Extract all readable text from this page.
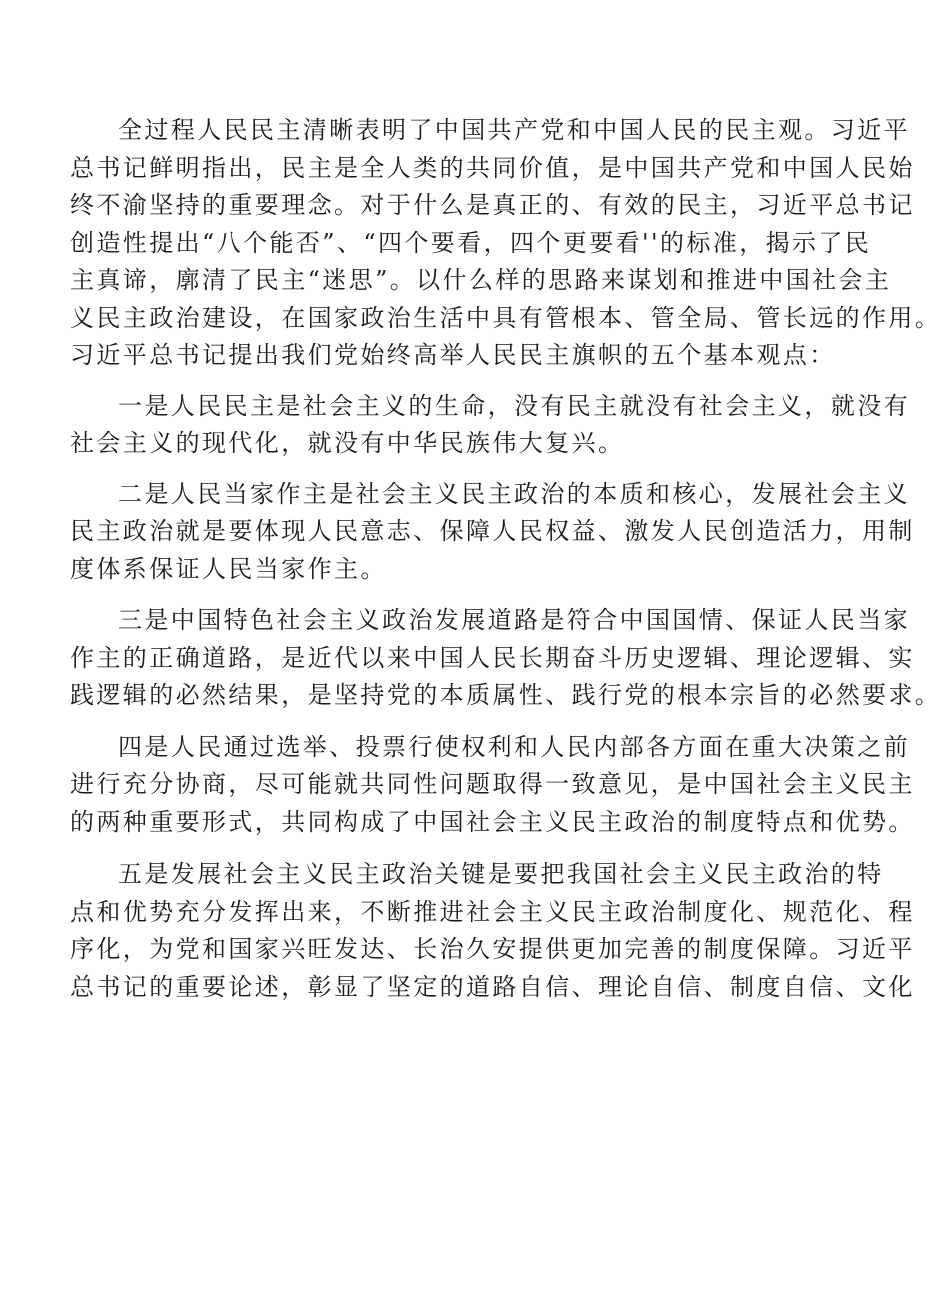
全过程人民民主清晰表明了中国共产党和中国人民的民主观。习近平
总书记鲜明指出，民主是全人类的共同价值，是中国共产党和中国人民始
终不渝坚持的重要理念。对于什么是真正的、有效的民主，习近平总书记
创造性提出“八个能否”、“四个要看，四个更要看''的标准，揭示了民
主真谛，廓清了民主“迷思”。以什么样的思路来谋划和推进中国社会主
义民主政治建设，在国家政治生活中具有管根本、管全局、管长远的作用。
习近平总书记提出我们党始终高举人民民主旗帜的五个基本观点：
一是人民民主是社会主义的生命，没有民主就没有社会主义，就没有
社会主义的现代化，就没有中华民族伟大复兴。
二是人民当家作主是社会主义民主政治的本质和核心，发展社会主义
民主政治就是要体现人民意志、保障人民权益、激发人民创造活力，用制
度体系保证人民当家作主。
三是中国特色社会主义政治发展道路是符合中国国情、保证人民当家
作主的正确道路，是近代以来中国人民长期奋斗历史逻辑、理论逻辑、实
践逻辑的必然结果，是坚持党的本质属性、践行党的根本宗旨的必然要求。
四是人民通过选举、投票行使权利和人民内部各方面在重大决策之前
进行充分协商，尽可能就共同性问题取得一致意见，是中国社会主义民主
的两种重要形式，共同构成了中国社会主义民主政治的制度特点和优势。
五是发展社会主义民主政治关键是要把我国社会主义民主政治的特
点和优势充分发挥出来，不断推进社会主义民主政治制度化、规范化、程
序化，为党和国家兴旺发达、长治久安提供更加完善的制度保障。习近平
总书记的重要论述，彰显了坚定的道路自信、理论自信、制度自信、文化
